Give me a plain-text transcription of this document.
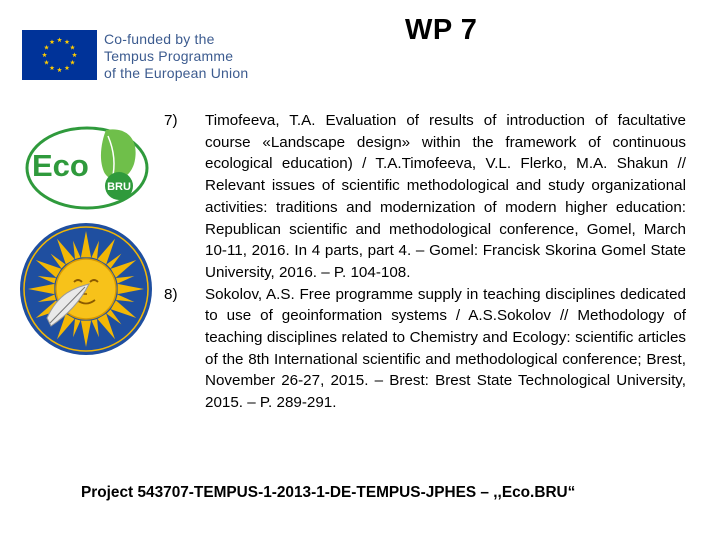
Co-funded by the
Tempus Programme
of the European Union
WP 7
BRU
Eco
7) Timofeeva, T.A. Evaluation of results of introduction of facultative course «Landscape design» within the framework of continuous ecological education) / T.A.Timofeeva, V.L. Flerko, M.A. Shakun // Relevant issues of scientific methodological and study organizational activities: traditions and modernization of modern higher education: Republican scientific and methodological conference, Gomel, March 10-11, 2016. In 4 parts, part 4. – Gomel: Francisk Skorina Gomel State University, 2016. – P. 104-108.
8) Sokolov, A.S. Free programme supply in teaching disciplines dedicated to use of geoinformation systems / A.S.Sokolov // Methodology of teaching disciplines related to Chemistry and Ecology: scientific articles of the 8th International scientific and methodological conference; Brest, November 26-27, 2015. – Brest: Brest State Technological University, 2015. – P. 289-291.
Project 543707-TEMPUS-1-2013-1-DE-TEMPUS-JPHES – ,,Eco.BRU“
